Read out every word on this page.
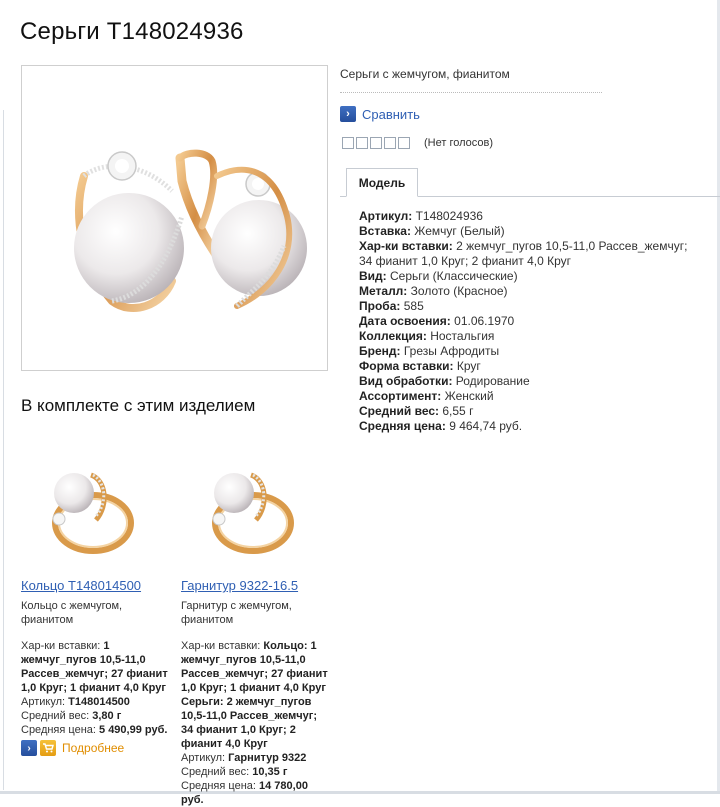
Серьги T148024936
Серьги с жемчугом, фианитом
› Сравнить
(Нет голосов)
Модель
Артикул: T148024936
Вставка: Жемчуг (Белый)
Хар-ки вставки: 2 жемчуг_пугов 10,5-11,0 Рассев_жемчуг; 34 фианит 1,0 Круг; 2 фианит 4,0 Круг
Вид: Серьги (Классические)
Металл: Золото (Красное)
Проба: 585
Дата освоения: 01.06.1970
Коллекция: Ностальгия
Бренд: Грезы Афродиты
Форма вставки: Круг
Вид обработки: Родирование
Ассортимент: Женский
Средний вес: 6,55 г
Средняя цена: 9 464,74 руб.
В комплекте с этим изделием
Кольцо T148014500
Кольцо с жемчугом, фианитом
Хар-ки вставки: 1 жемчуг_пугов 10,5-11,0 Рассев_жемчуг; 27 фианит 1,0 Круг; 1 фианит 4,0 Круг
Артикул: T148014500
Средний вес: 3,80 г
Средняя цена: 5 490,99 руб.
Гарнитур 9322-16.5
Гарнитур с жемчугом, фианитом
Хар-ки вставки: Кольцо: 1 жемчуг_пугов 10,5-11,0 Рассев_жемчуг; 27 фианит 1,0 Круг; 1 фианит 4,0 Круг Серьги: 2 жемчуг_пугов 10,5-11,0 Рассев_жемчуг; 34 фианит 1,0 Круг; 2 фианит 4,0 Круг
Артикул: Гарнитур 9322
Средний вес: 10,35 г
Средняя цена: 14 780,00 руб.
›	Подробнее
